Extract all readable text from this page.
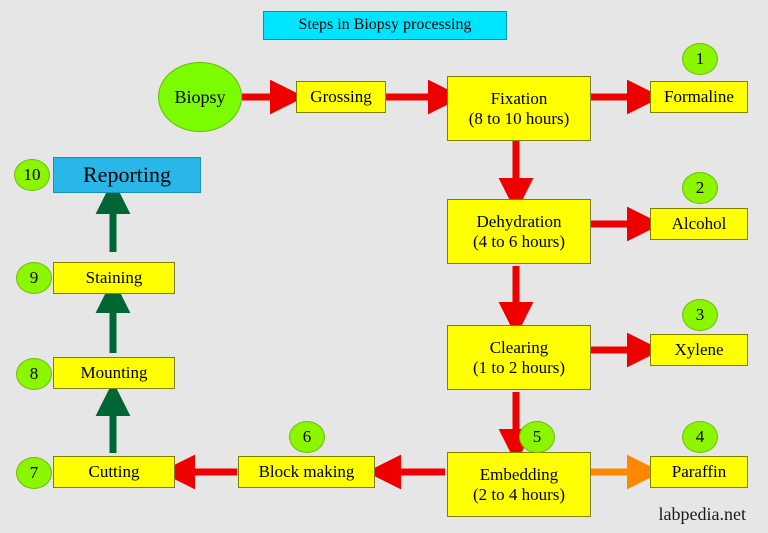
Steps in Biopsy processing
Biopsy	Grossing	Fixation
(8 to 10 hours)
Formaline
1
Dehydration
(4 to 6 hours)
Alcohol
2
Clearing
(1 to 2 hours)
Xylene
3
Embedding
(2 to 4 hours)
5
Paraffin
4
Block making
6
Cutting
7
Mounting
8
Staining
9
Reporting
10
labpedia.net
